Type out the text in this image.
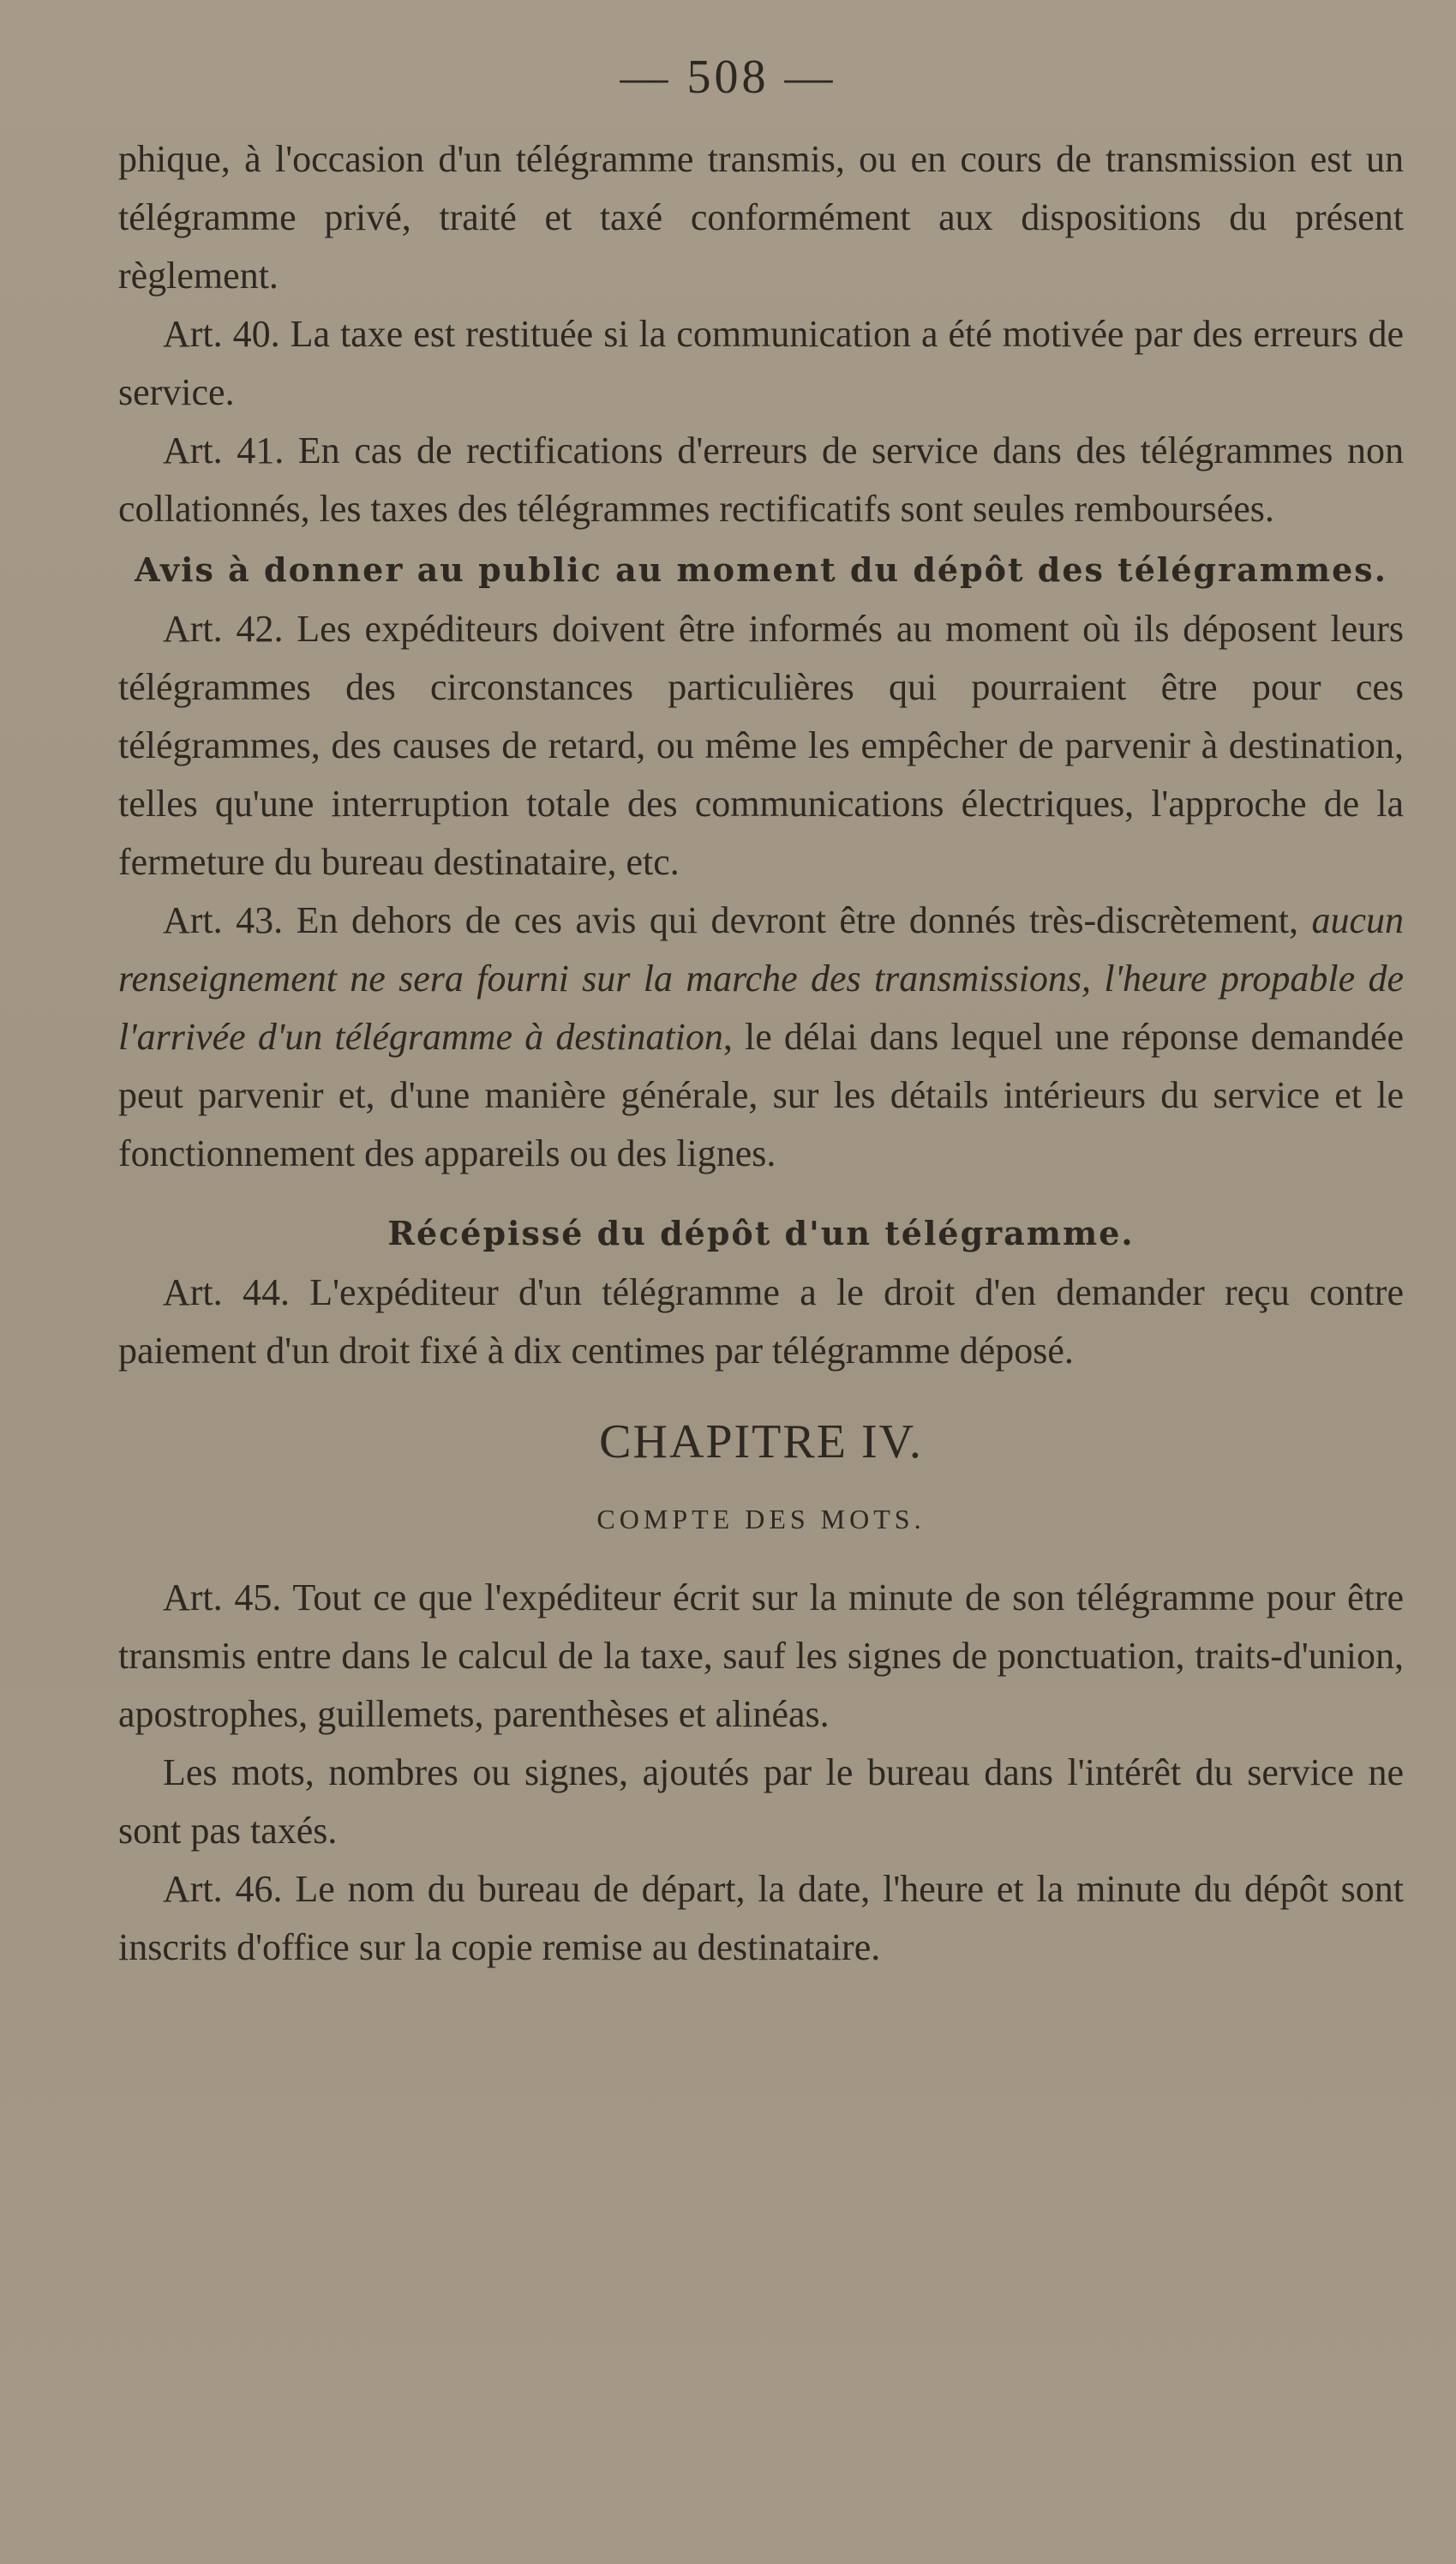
— 508 —

phique, à l'occasion d'un télégramme transmis, ou en cours de transmission est un télégramme privé, traité et taxé conformément aux dispositions du présent règlement.

Art. 40. La taxe est restituée si la communication a été motivée par des erreurs de service.

Art. 41. En cas de rectifications d'erreurs de service dans des télégrammes non collationnés, les taxes des télégrammes rectificatifs sont seules remboursées.

Avis à donner au public au moment du dépôt des télégrammes.

Art. 42. Les expéditeurs doivent être informés au moment où ils déposent leurs télégrammes des circonstances particulières qui pourraient être pour ces télégrammes, des causes de retard, ou même les empêcher de parvenir à destination, telles qu'une interruption totale des communications électriques, l'approche de la fermeture du bureau destinataire, etc.

Art. 43. En dehors de ces avis qui devront être donnés très-discrètement, aucun renseignement ne sera fourni sur la marche des transmissions, l'heure propable de l'arrivée d'un télégramme à destination, le délai dans lequel une réponse demandée peut parvenir et, d'une manière générale, sur les détails intérieurs du service et le fonctionnement des appareils ou des lignes.

Récépissé du dépôt d'un télégramme.

Art. 44. L'expéditeur d'un télégramme a le droit d'en demander reçu contre paiement d'un droit fixé à dix centimes par télégramme déposé.

CHAPITRE IV.
COMPTE DES MOTS.

Art. 45. Tout ce que l'expéditeur écrit sur la minute de son télégramme pour être transmis entre dans le calcul de la taxe, sauf les signes de ponctuation, traits-d'union, apostrophes, guillemets, parenthèses et alinéas.

Les mots, nombres ou signes, ajoutés par le bureau dans l'intérêt du service ne sont pas taxés.

Art. 46. Le nom du bureau de départ, la date, l'heure et la minute du dépôt sont inscrits d'office sur la copie remise au destinataire.
